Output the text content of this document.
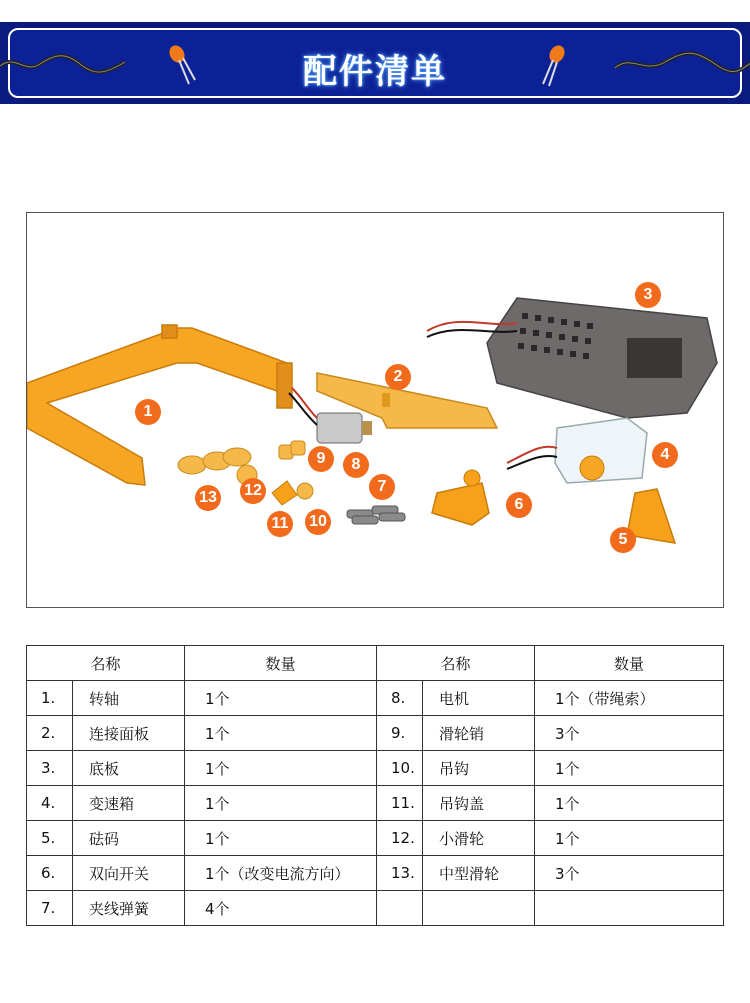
配件清单
1
2
3
4
5
6
7
8
9
10
11
12
13
名称		数量	名称		数量
1.	转轴	1个	8.	电机	1个（带绳索）
2.	连接面板	1个	9.	滑轮销	3个
3.	底板	1个	10.	吊钩	1个
4.	变速箱	1个	11.	吊钩盖	1个
5.	砝码	1个	12.	小滑轮	1个
6.	双向开关	1个（改变电流方向）	13.	中型滑轮	3个
7.	夹线弹簧	4个			
